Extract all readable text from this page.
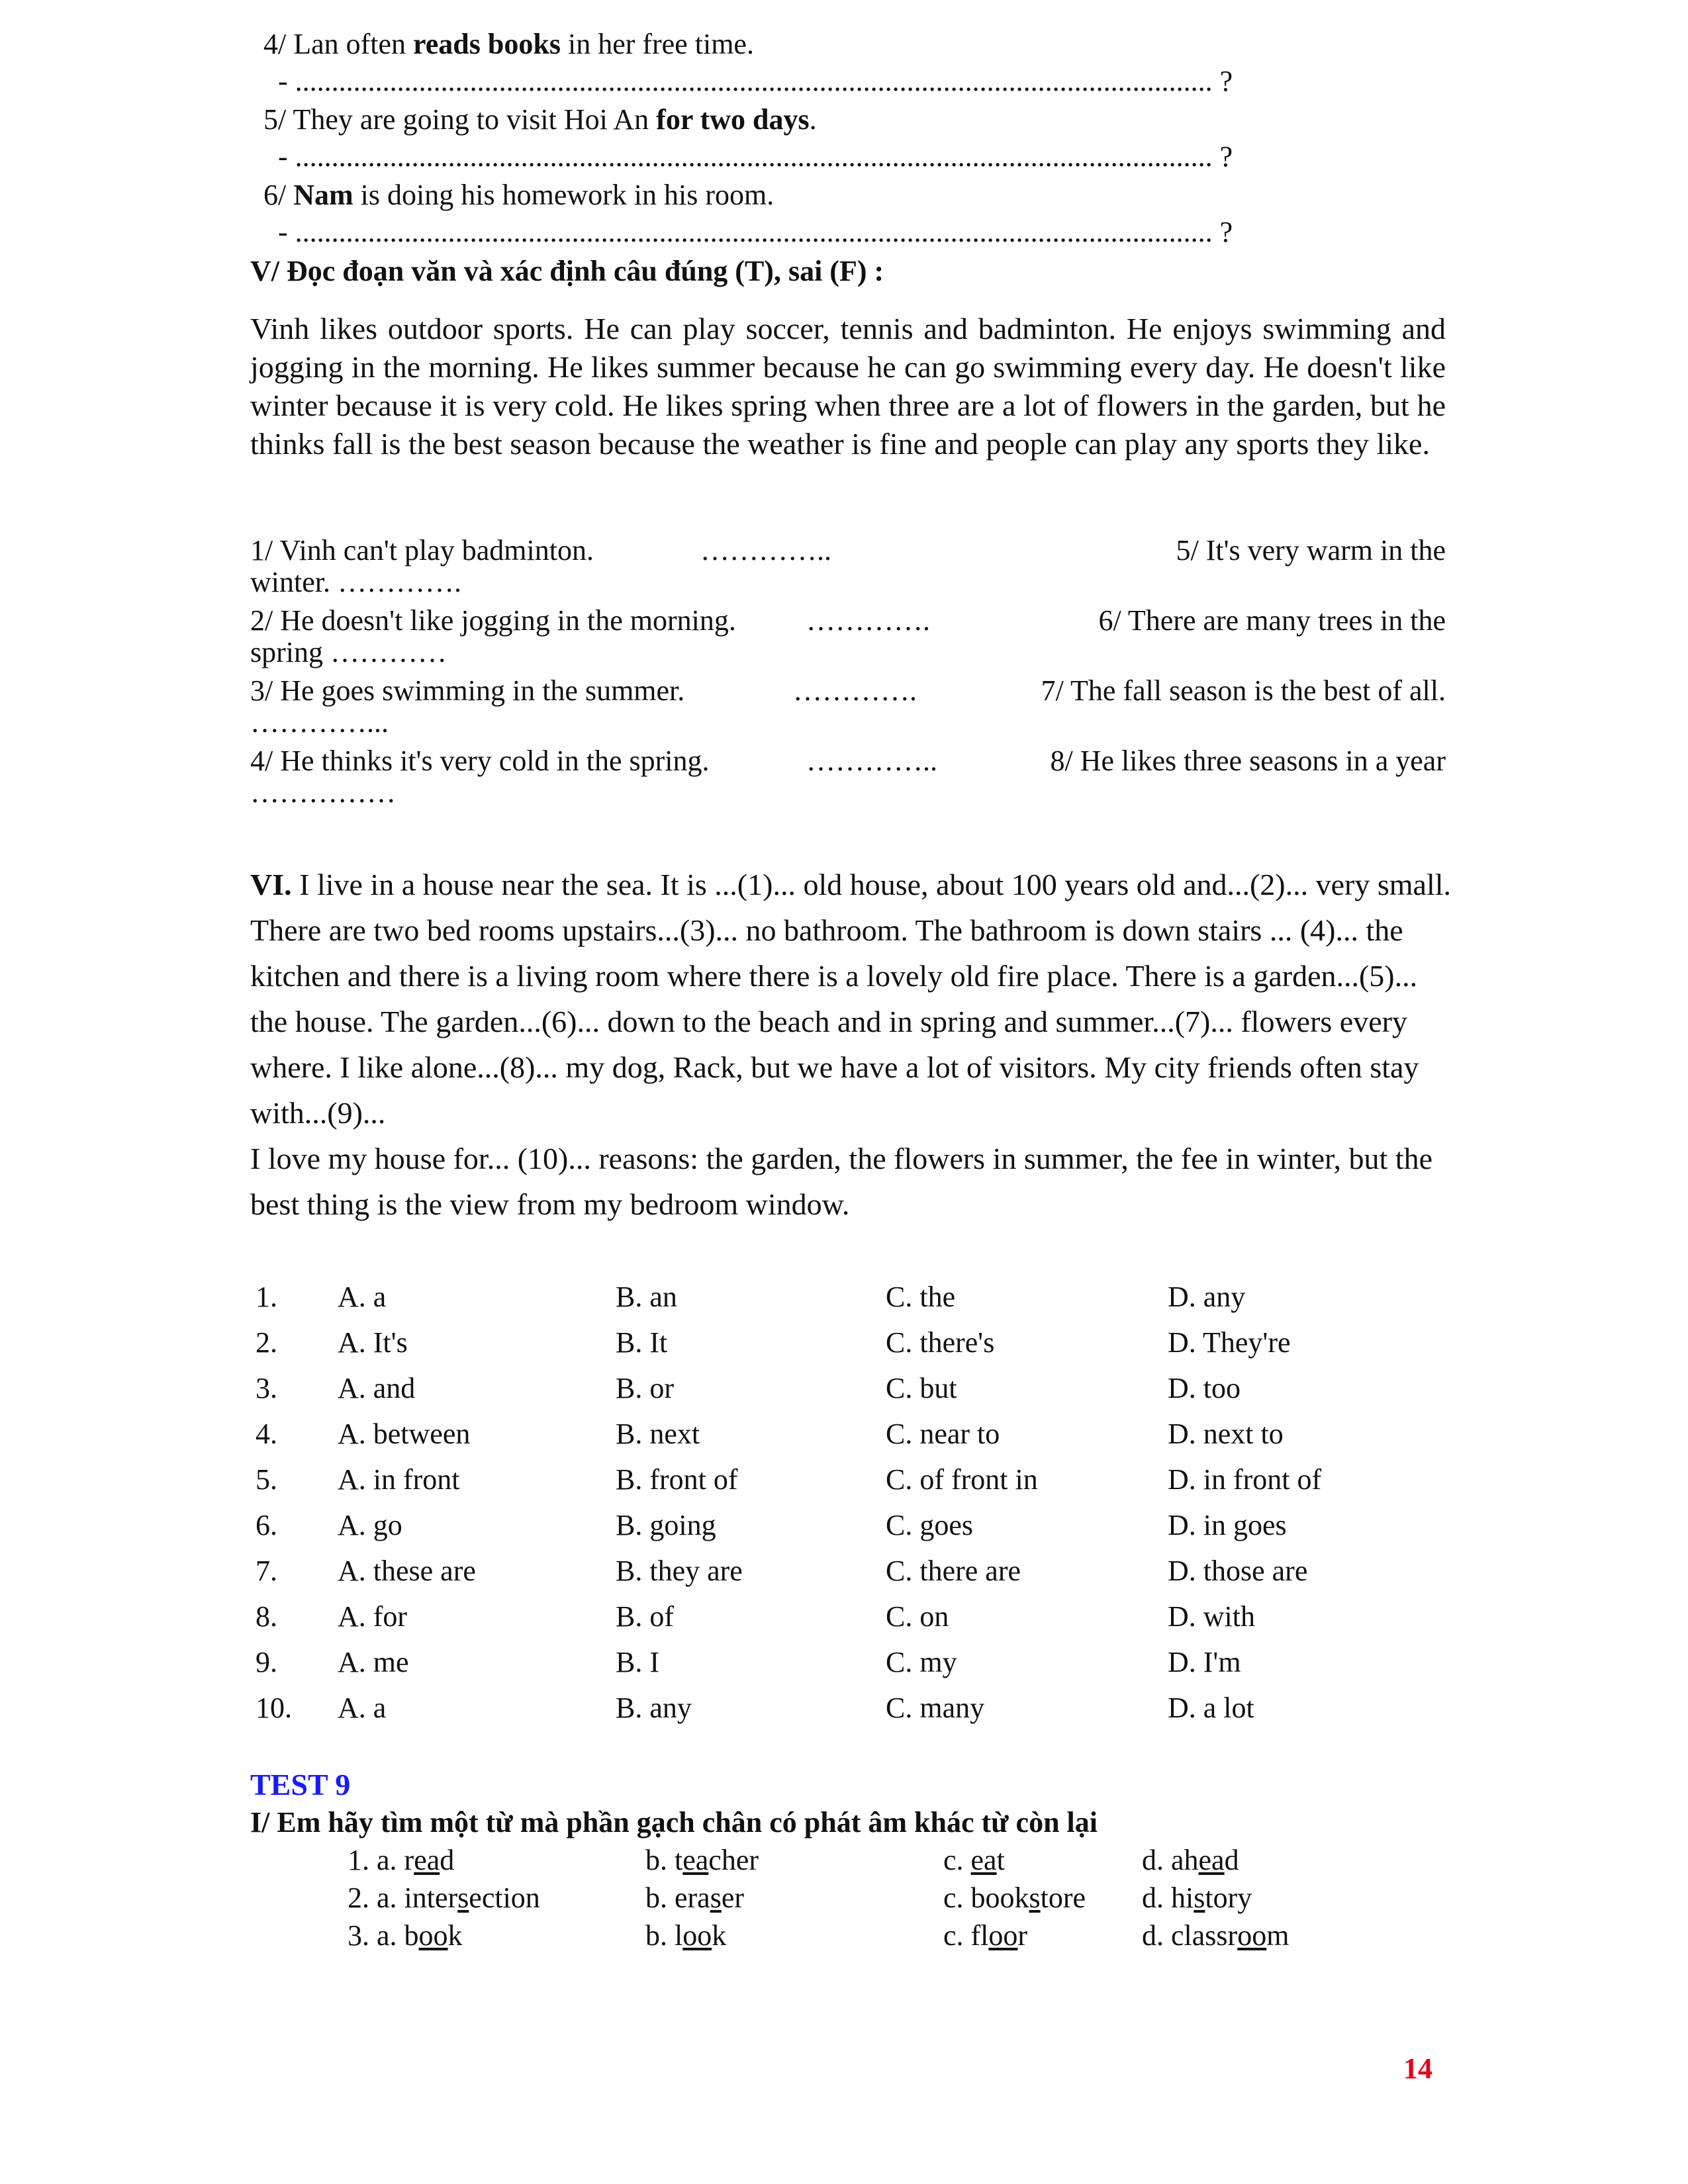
4/ Lan often reads books in her free time.
- .............................................................................................................................. ?
5/ They are going to visit Hoi An for two days.
- .............................................................................................................................. ?
6/ Nam is doing his homework in his room.
- .............................................................................................................................. ?
V/ Đọc đoạn văn và xác định câu đúng (T), sai (F) :
Vinh likes outdoor sports. He can play soccer, tennis and badminton. He enjoys swimming and jogging in the morning. He likes summer because he can go swimming every day. He doesn't like winter because it is very cold. He likes spring when three are a lot of flowers in the garden, but he thinks fall is the best season because the weather is fine and people can play any sports they like.
1/ Vinh can't play badminton.	…………..	5/ It's very warm in the
winter. ………….
2/ He doesn't like jogging in the morning. ………….	6/ There are many trees in the
spring …………
3/ He goes swimming in the summer.	………….	7/ The fall season is the best of all.
…………...
4/ He thinks it's very cold in the spring.	…………..	8/ He likes three seasons in a year
……………
VI. I live in a house near the sea. It is ...(1)... old house, about 100 years old and...(2)... very small. There are two bed rooms upstairs...(3)... no bathroom. The bathroom is down stairs ... (4)... the kitchen and there is a living room where there is a lovely old fire place. There is a garden...(5)... the house. The garden...(6)... down to the beach and in spring and summer...(7)... flowers every where. I like alone...(8)... my dog, Rack, but we have a lot of visitors. My city friends often stay with...(9)...
I love my house for... (10)... reasons: the garden, the flowers in summer, the fee in winter, but the best thing is the view from my bedroom window.
1. A. a	B. an	C. the	D. any
2. A. It's	B. It	C. there's	D. They're
3. A. and	B. or	C. but	D. too
4. A. between	B. next	C. near to	D. next to
5. A. in front	B. front of	C. of front in	D. in front of
6. A. go	B. going	C. goes	D. in goes
7. A. these are	B. they are	C. there are	D. those are
8. A. for	B. of	C. on	D. with
9. A. me	B. I	C. my	D. I'm
10. A. a	B. any	C. many	D. a lot
TEST 9
I/ Em hãy tìm một từ mà phần gạch chân có phát âm khác từ còn lại
1. a. read	b. teacher	c. eat	d. ahead
2. a. intersection	b. eraser	c. bookstore d. history
3. a. book	b. look	c. floor	d. classroom
14
